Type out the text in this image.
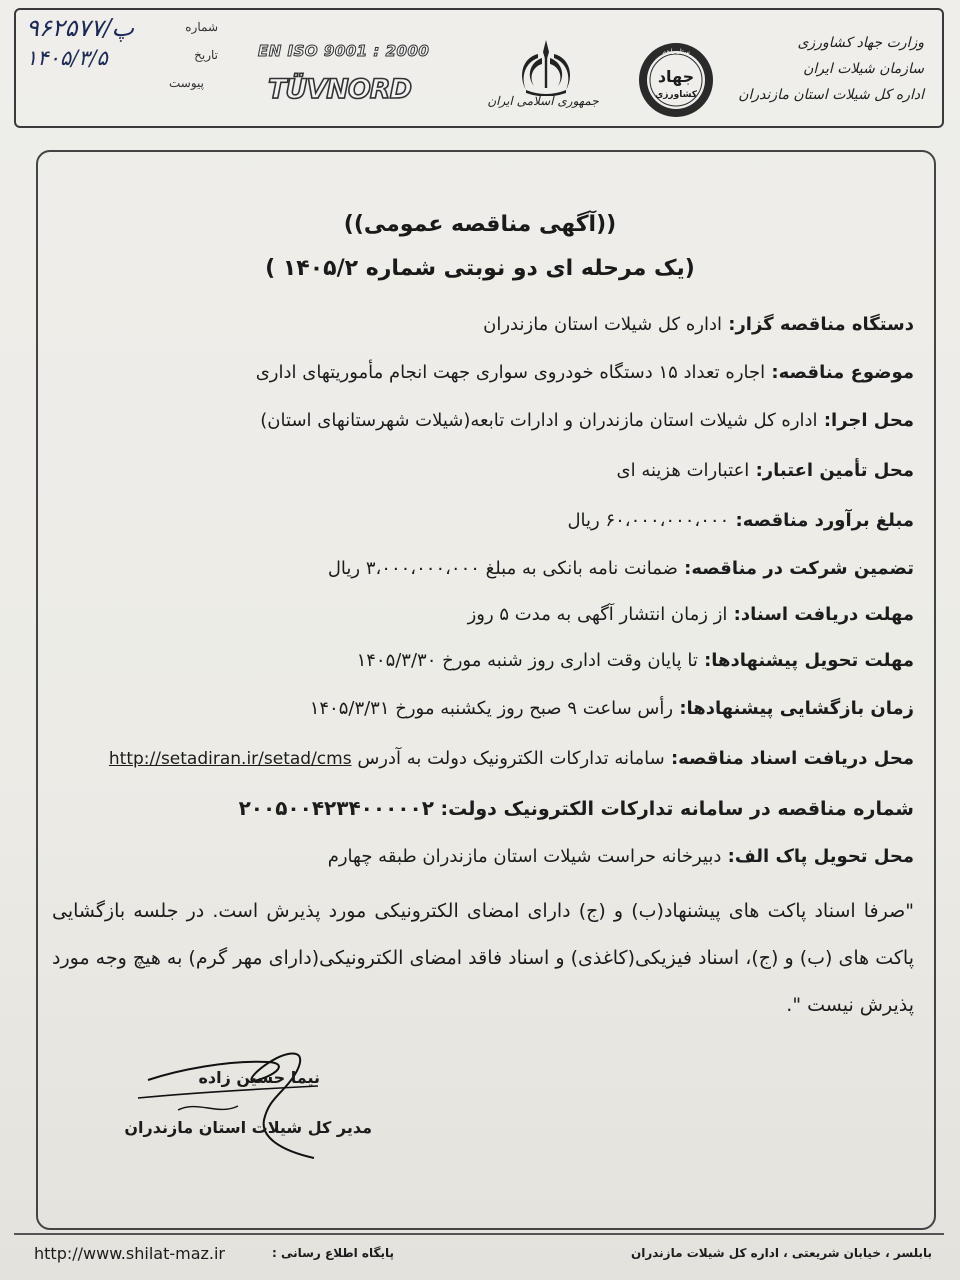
وزارت جهاد کشاورزی
سازمان شیلات ایران
اداره کل شیلات استان مازندران
ستاد باهم
جهاد
کشاورزی
جمهوری اسلامی ایران
EN ISO 9001 : 2000
TÜVNORD
شماره
۹۶۲۵۷۷/پ
تاریخ
۱۴۰۵/۳/۵
پیوست
((آگهی مناقصه عمومی))
(یک مرحله ای دو نوبتی شماره ۱۴۰۵/۲ )
دستگاه مناقصه گزار: اداره کل شیلات استان مازندران
موضوع مناقصه: اجاره تعداد ۱۵ دستگاه خودروی سواری جهت انجام مأموریتهای اداری
محل اجرا: اداره کل شیلات استان مازندران و ادارات تابعه(شیلات شهرستانهای استان)
محل تأمین اعتبار: اعتبارات هزینه ای
مبلغ برآورد مناقصه: ۶۰،۰۰۰،۰۰۰،۰۰۰ ریال
تضمین شرکت در مناقصه: ضمانت نامه بانکی به مبلغ ۳،۰۰۰،۰۰۰،۰۰۰ ریال
مهلت دریافت اسناد: از زمان انتشار آگهی به مدت ۵ روز
مهلت تحویل پیشنهادها: تا پایان وقت اداری روز شنبه مورخ ۱۴۰۵/۳/۳۰
زمان بازگشایی پیشنهادها: رأس ساعت ۹ صبح روز یکشنبه مورخ ۱۴۰۵/۳/۳۱
محل دریافت اسناد مناقصه: سامانه تدارکات الکترونیک دولت به آدرس http://setadiran.ir/setad/cms
شماره مناقصه در سامانه تدارکات الکترونیک دولت: ۲۰۰۵۰۰۴۲۳۴۰۰۰۰۰۲
محل تحویل پاک الف: دبیرخانه حراست شیلات استان مازندران طبقه چهارم
"صرفا اسناد پاکت های پیشنهاد(ب) و (ج) دارای امضای الکترونیکی مورد پذیرش است. در جلسه بازگشایی پاکت های (ب) و (ج)، اسناد فیزیکی(کاغذی) و اسناد فاقد امضای الکترونیکی(دارای مهر گرم) به هیچ وجه مورد پذیرش نیست ".
نیما حسین زاده
مدیر کل شیلات استان مازندران
http://www.shilat-maz.ir	پایگاه اطلاع رسانی :	بابلسر ، خیابان شریعتی ، اداره کل شیلات مازندران
